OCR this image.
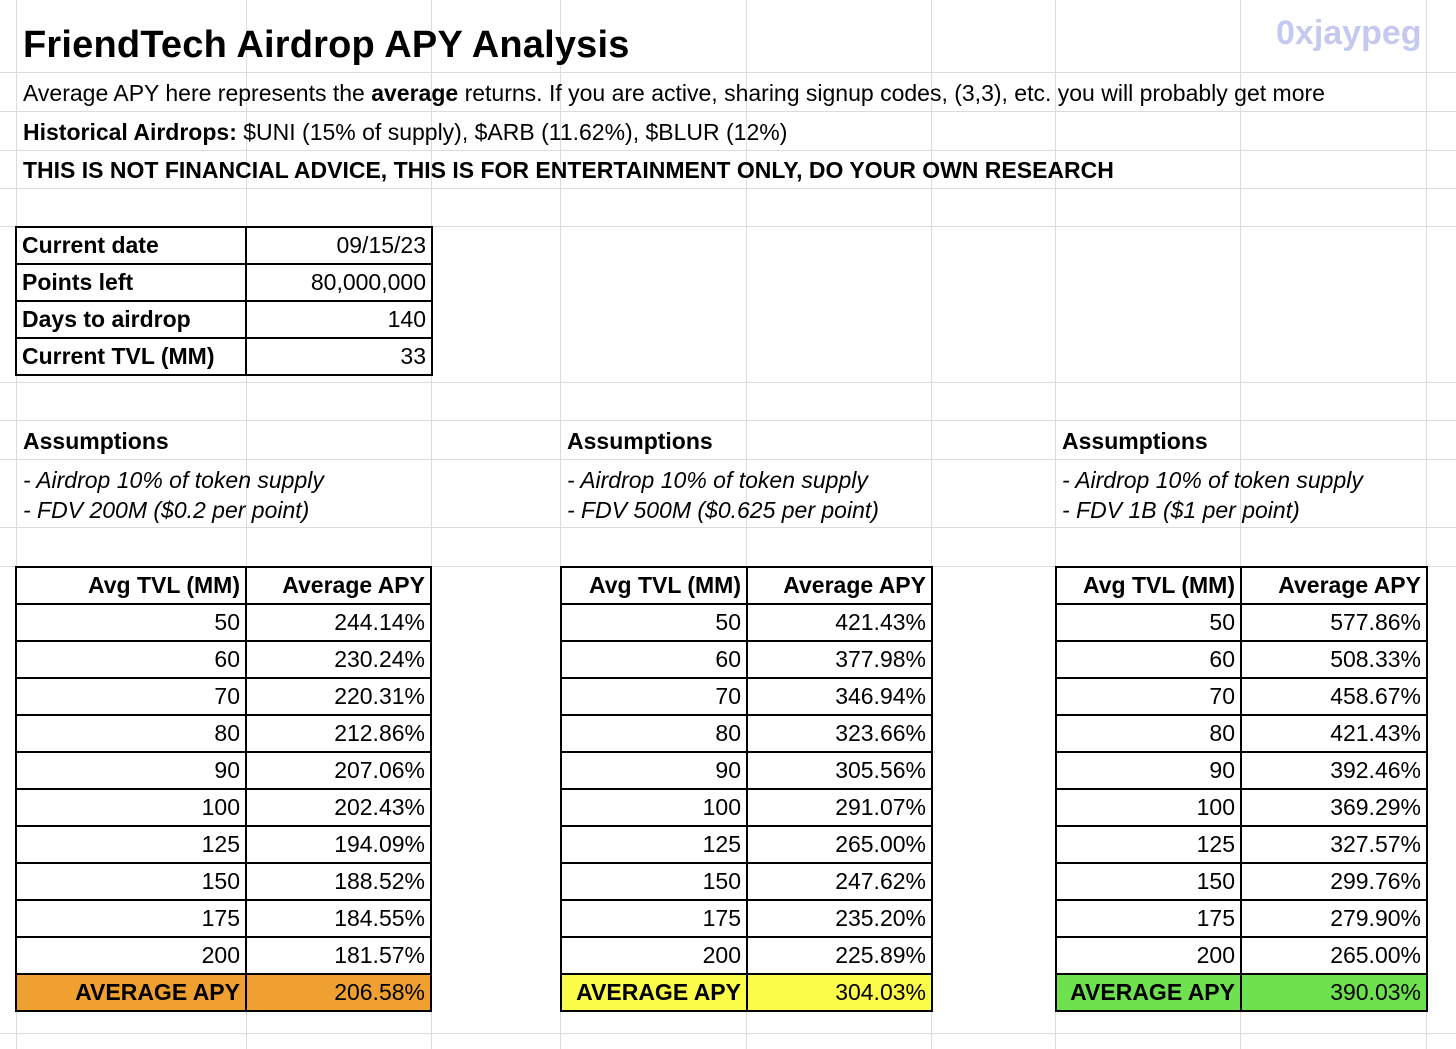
FriendTech Airdrop APY Analysis	0xjaypeg
Average APY here represents the average returns. If you are active, sharing signup codes, (3,3), etc. you will probably get more
Historical Airdrops: $UNI (15% of supply), $ARB (11.62%), $BLUR (12%)
THIS IS NOT FINANCIAL ADVICE, THIS IS FOR ENTERTAINMENT ONLY, DO YOUR OWN RESEARCH
Current date	09/15/23
Points left	80,000,000
Days to airdrop	140
Current TVL (MM)	33
Assumptions
- Airdrop 10% of token supply
- FDV 200M ($0.2 per point)
Avg TVL (MM)	Average APY
50	244.14%
60	230.24%
70	220.31%
80	212.86%
90	207.06%
100	202.43%
125	194.09%
150	188.52%
175	184.55%
200	181.57%
AVERAGE APY	206.58%
Assumptions
- Airdrop 10% of token supply
- FDV 500M ($0.625 per point)
Avg TVL (MM)	Average APY
50	421.43%
60	377.98%
70	346.94%
80	323.66%
90	305.56%
100	291.07%
125	265.00%
150	247.62%
175	235.20%
200	225.89%
AVERAGE APY	304.03%
Assumptions
- Airdrop 10% of token supply
- FDV 1B ($1 per point)
Avg TVL (MM)	Average APY
50	577.86%
60	508.33%
70	458.67%
80	421.43%
90	392.46%
100	369.29%
125	327.57%
150	299.76%
175	279.90%
200	265.00%
AVERAGE APY	390.03%
